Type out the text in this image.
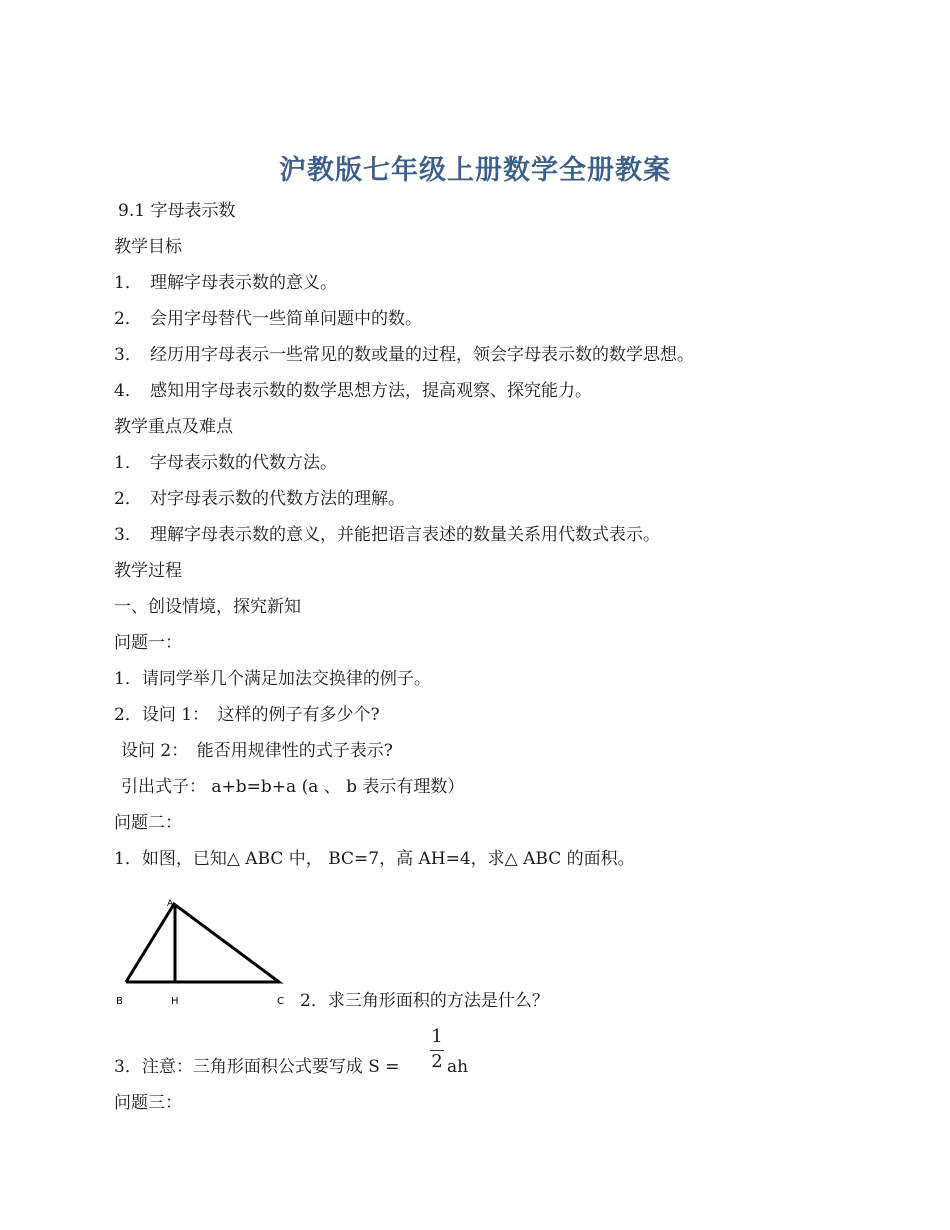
沪教版七年级上册数学全册教案
9.1 字母表示数
教学目标
1． 理解字母表示数的意义。
2． 会用字母替代一些简单问题中的数。
3． 经历用字母表示一些常见的数或量的过程，领会字母表示数的数学思想。
4． 感知用字母表示数的数学思想方法，提高观察、探究能力。
教学重点及难点
1． 字母表示数的代数方法。
2． 对字母表示数的代数方法的理解。
3． 理解字母表示数的意义，并能把语言表述的数量关系用代数式表示。
教学过程
一、创设情境，探究新知
问题一：
1．请同学举几个满足加法交换律的例子。
2．设问 1：　这样的例子有多少个?
设问 2：　能否用规律性的式子表示?
引出式子： a+b=b+a (a 、 b 表示有理数）
问题二：
1．如图，已知△ ABC 中， BC=7，高 AH=4，求△ ABC 的面积。
A
B	H	C 2．求三角形面积的方法是什么？
3．注意：三角形面积公式要写成 S =
1
2 ah
问题三：
